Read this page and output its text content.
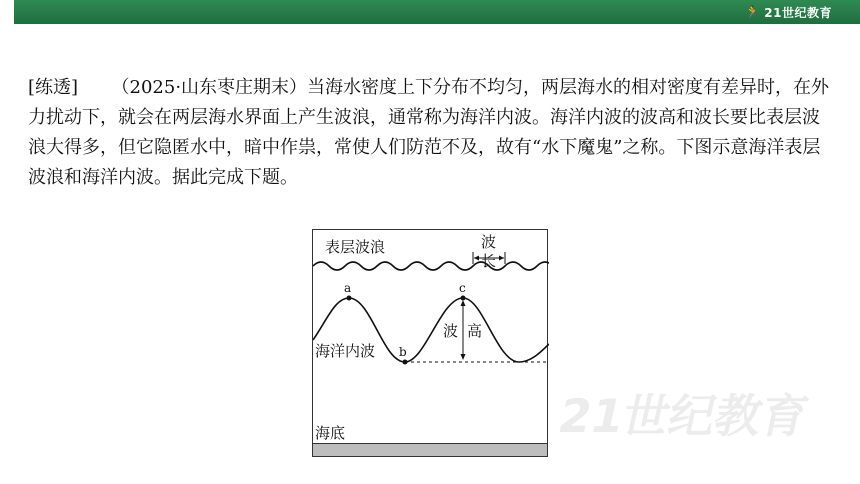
🏃 21世纪教育
[练透] （2025·山东枣庄期末）当海水密度上下分布不均匀，两层海水的相对密度有差异时，在外力扰动下，就会在两层海水界面上产生波浪，通常称为海洋内波。海洋内波的波高和波长要比表层波浪大得多，但它隐匿水中，暗中作祟，常使人们防范不及，故有“水下魔鬼”之称。下图示意海洋表层波浪和海洋内波。据此完成下题。
表层波浪	波
长
a
b
c
波 高
海洋内波
海底	21世纪教育
